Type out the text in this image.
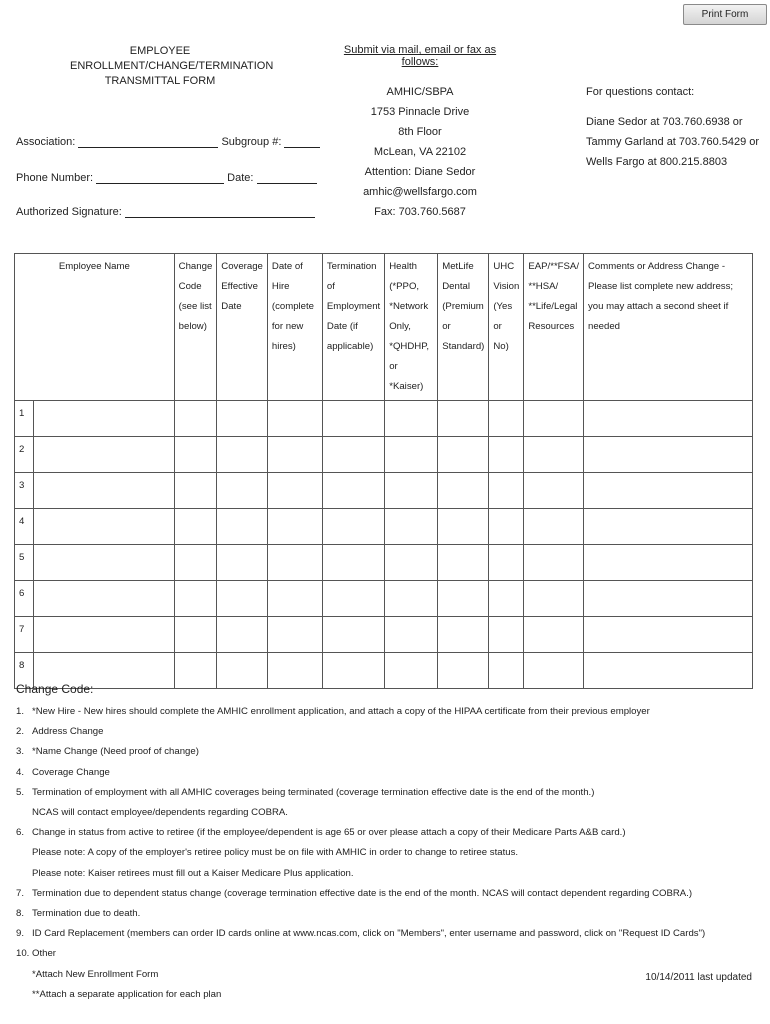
Print Form
EMPLOYEE
ENROLLMENT/CHANGE/TERMINATION
TRANSMITTAL FORM
Submit via mail, email or fax as follows:
AMHIC/SBPA
1753 Pinnacle Drive
8th Floor
McLean, VA 22102
Attention: Diane Sedor
amhic@wellsfargo.com
Fax: 703.760.5687
For questions contact:
Diane Sedor at 703.760.6938 or
Tammy Garland at 703.760.5429 or
Wells Fargo at 800.215.8803
Association:	Subgroup #:
Phone Number:	Date:
Authorized Signature:
Employee Name		Change Code (see list below)	Coverage Effective Date	Date of Hire (complete for new hires)	Termination of Employment Date (if applicable)	Health (*PPO, *Network Only, *QHDHP, or *Kaiser)	MetLife Dental (Premium or Standard)	UHC Vision (Yes or No)	EAP/**FSA/ **HSA/ **Life/Legal Resources	Comments or Address Change - Please list complete new address; you may attach a second sheet if needed
1										
2										
3										
4										
5										
6										
7										
8										
Change Code:
1. *New Hire - New hires should complete the AMHIC enrollment application, and attach a copy of the HIPAA certificate from their previous employer
2. Address Change
3. *Name Change (Need proof of change)
4. Coverage Change
5. Termination of employment with all AMHIC coverages being terminated (coverage termination effective date is the end of the month.)
NCAS will contact employee/dependents regarding COBRA.
6. Change in status from active to retiree (if the employee/dependent is age 65 or over please attach a copy of their Medicare Parts A&B card.)
Please note: A copy of the employer's retiree policy must be on file with AMHIC in order to change to retiree status.
Please note: Kaiser retirees must fill out a Kaiser Medicare Plus application.
7. Termination due to dependent status change (coverage termination effective date is the end of the month. NCAS will contact dependent regarding COBRA.)
8. Termination due to death.
9. ID Card Replacement (members can order ID cards online at www.ncas.com, click on "Members", enter username and password, click on "Request ID Cards")
10. Other
*Attach New Enrollment Form
**Attach a separate application for each plan
10/14/2011 last updated
